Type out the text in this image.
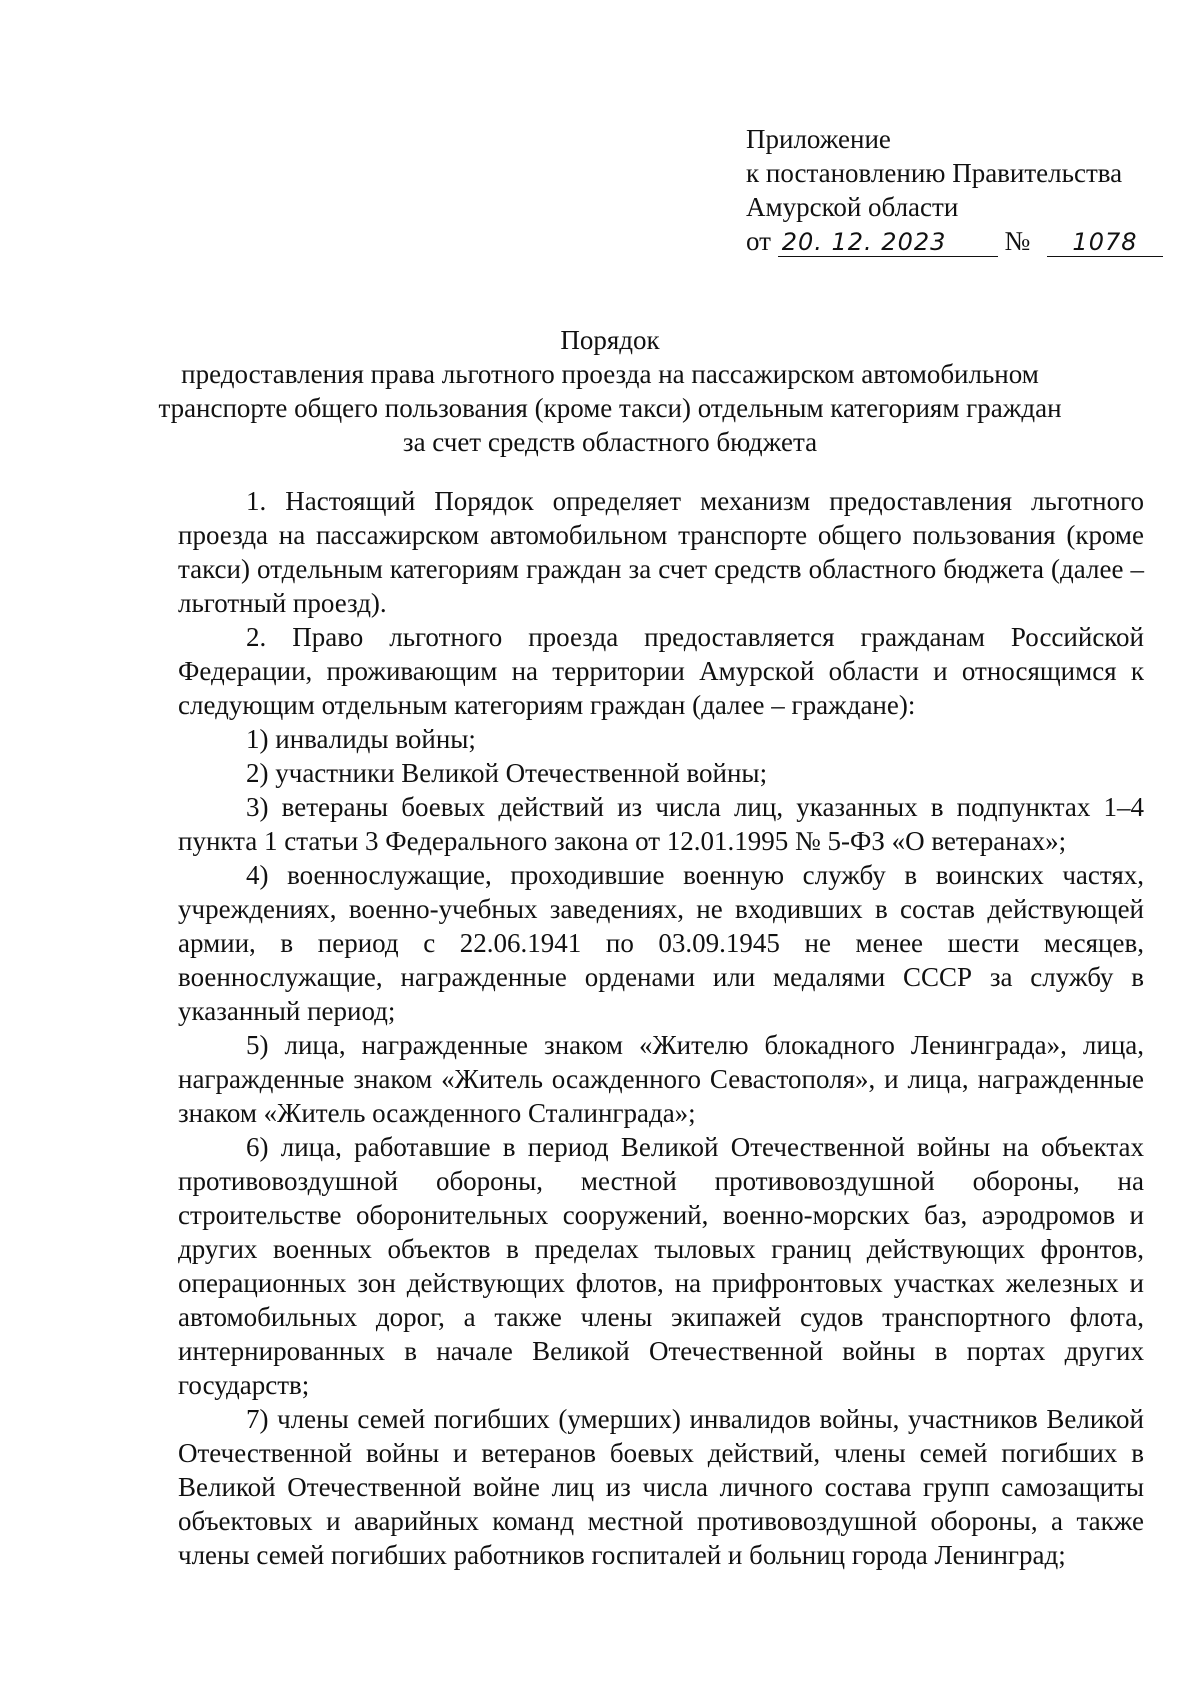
Приложение
к постановлению Правительства
Амурской области
от 20. 12. 2023 № 1078
Порядок
предоставления права льготного проезда на пассажирском автомобильном транспорте общего пользования (кроме такси) отдельным категориям граждан за счет средств областного бюджета

1. Настоящий Порядок определяет механизм предоставления льготного проезда на пассажирском автомобильном транспорте общего пользования (кроме такси) отдельным категориям граждан за счет средств областного бюджета (далее – льготный проезд).

2. Право льготного проезда предоставляется гражданам Российской Федерации, проживающим на территории Амурской области и относящимся к следующим отдельным категориям граждан (далее – граждане):

1) инвалиды войны;

2) участники Великой Отечественной войны;

3) ветераны боевых действий из числа лиц, указанных в подпунктах 1–4 пункта 1 статьи 3 Федерального закона от 12.01.1995 № 5-ФЗ «О ветеранах»;

4) военнослужащие, проходившие военную службу в воинских частях, учреждениях, военно-учебных заведениях, не входивших в состав действующей армии, в период с 22.06.1941 по 03.09.1945 не менее шести месяцев, военнослужащие, награжденные орденами или медалями СССР за службу в указанный период;

5) лица, награжденные знаком «Жителю блокадного Ленинграда», лица, награжденные знаком «Житель осажденного Севастополя», и лица, награжденные знаком «Житель осажденного Сталинграда»;

6) лица, работавшие в период Великой Отечественной войны на объектах противовоздушной обороны, местной противовоздушной обороны, на строительстве оборонительных сооружений, военно-морских баз, аэродромов и других военных объектов в пределах тыловых границ действующих фронтов, операционных зон действующих флотов, на прифронтовых участках железных и автомобильных дорог, а также члены экипажей судов транспортного флота, интернированных в начале Великой Отечественной войны в портах других государств;

7) члены семей погибших (умерших) инвалидов войны, участников Великой Отечественной войны и ветеранов боевых действий, члены семей погибших в Великой Отечественной войне лиц из числа личного состава групп самозащиты объектовых и аварийных команд местной противовоздушной обороны, а также члены семей погибших работников госпиталей и больниц города Ленинград;
